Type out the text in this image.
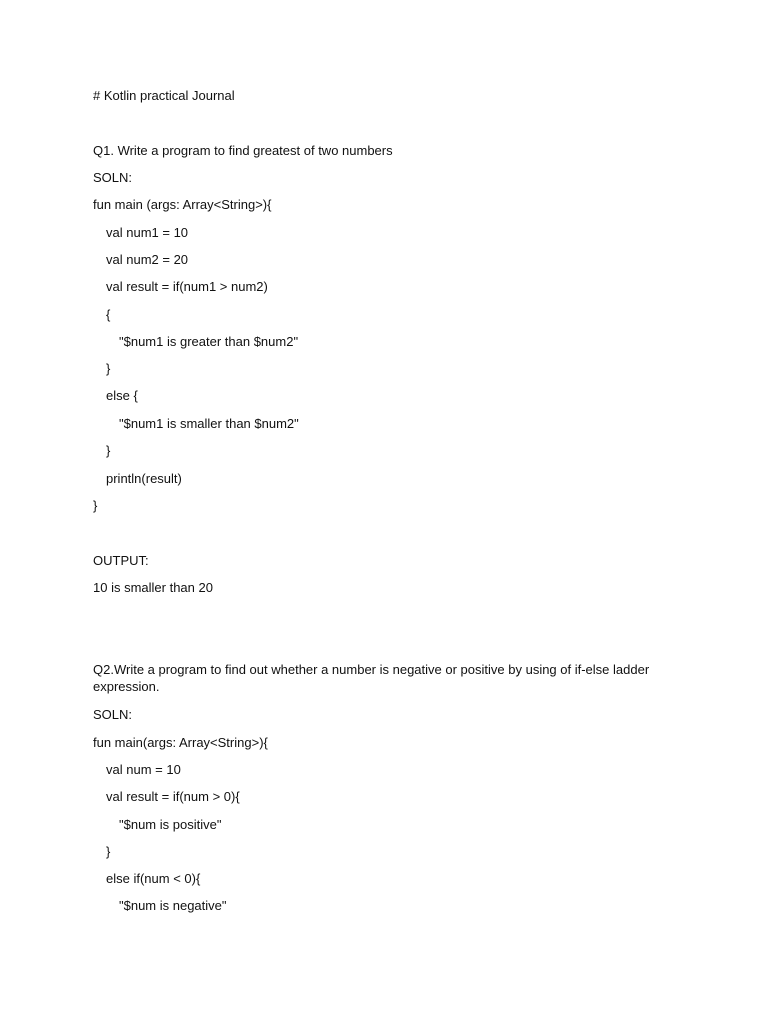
# Kotlin practical Journal

Q1. Write a program to find greatest of two numbers

SOLN:

fun main (args: Array<String>){

val num1 = 10

val num2 = 20

val result = if(num1 > num2)

{

"$num1 is greater than $num2"

}

else {

"$num1 is smaller than $num2"

}

println(result)

}

OUTPUT:

10 is smaller than 20

Q2.Write a program to find out whether a number is negative or positive by using of if-else ladder expression.

SOLN:

fun main(args: Array<String>){

val num = 10

val result = if(num > 0){

"$num is positive"

}

else if(num < 0){

"$num is negative"
